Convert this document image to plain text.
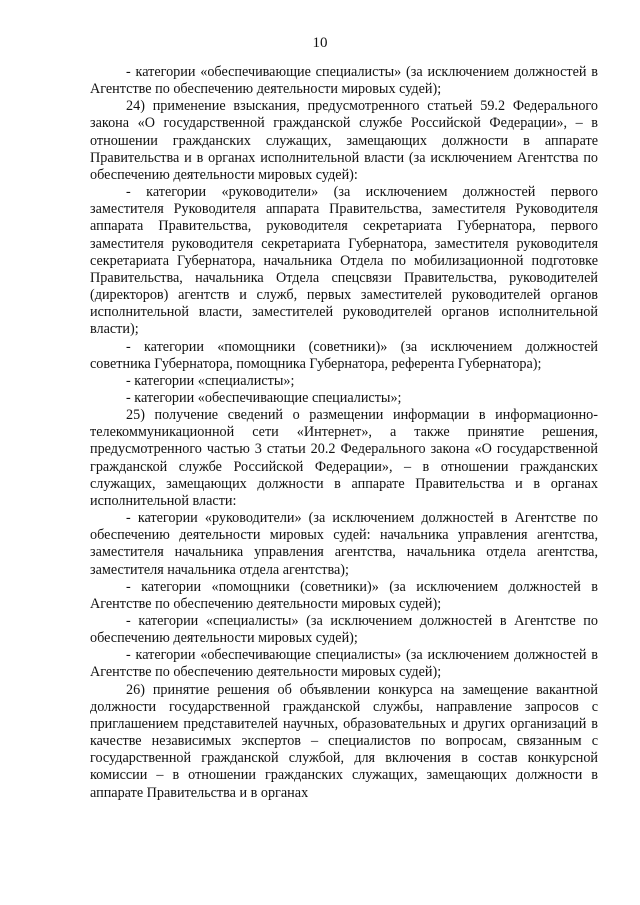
10

- категории «обеспечивающие специалисты» (за исключением должностей в Агентстве по обеспечению деятельности мировых судей);

24) применение взыскания, предусмотренного статьей 59.2 Федерального закона «О государственной гражданской службе Российской Федерации», – в отношении гражданских служащих, замещающих должности в аппарате Правительства и в органах исполнительной власти (за исключением Агентства по обеспечению деятельности мировых судей):

- категории «руководители» (за исключением должностей первого заместителя Руководителя аппарата Правительства, заместителя Руководителя аппарата Правительства, руководителя секретариата Губернатора, первого заместителя руководителя секретариата Губернатора, заместителя руководителя секретариата Губернатора, начальника Отдела по мобилизационной подготовке Правительства, начальника Отдела спецсвязи Правительства, руководителей (директоров) агентств и служб, первых заместителей руководителей органов исполнительной власти, заместителей руководителей органов исполнительной власти);

- категории «помощники (советники)» (за исключением должностей советника Губернатора, помощника Губернатора, референта Губернатора);

- категории «специалисты»;

- категории «обеспечивающие специалисты»;

25) получение сведений о размещении информации в информационно-телекоммуникационной сети «Интернет», а также принятие решения, предусмотренного частью 3 статьи 20.2 Федерального закона «О государственной гражданской службе Российской Федерации», – в отношении гражданских служащих, замещающих должности в аппарате Правительства и в органах исполнительной власти:

- категории «руководители» (за исключением должностей в Агентстве по обеспечению деятельности мировых судей: начальника управления агентства, заместителя начальника управления агентства, начальника отдела агентства, заместителя начальника отдела агентства);

- категории «помощники (советники)» (за исключением должностей в Агентстве по обеспечению деятельности мировых судей);

- категории «специалисты» (за исключением должностей в Агентстве по обеспечению деятельности мировых судей);

- категории «обеспечивающие специалисты» (за исключением должностей в Агентстве по обеспечению деятельности мировых судей);

26) принятие решения об объявлении конкурса на замещение вакантной должности государственной гражданской службы, направление запросов с приглашением представителей научных, образовательных и других организаций в качестве независимых экспертов – специалистов по вопросам, связанным с государственной гражданской службой, для включения в состав конкурсной комиссии – в отношении гражданских служащих, замещающих должности в аппарате Правительства и в органах
